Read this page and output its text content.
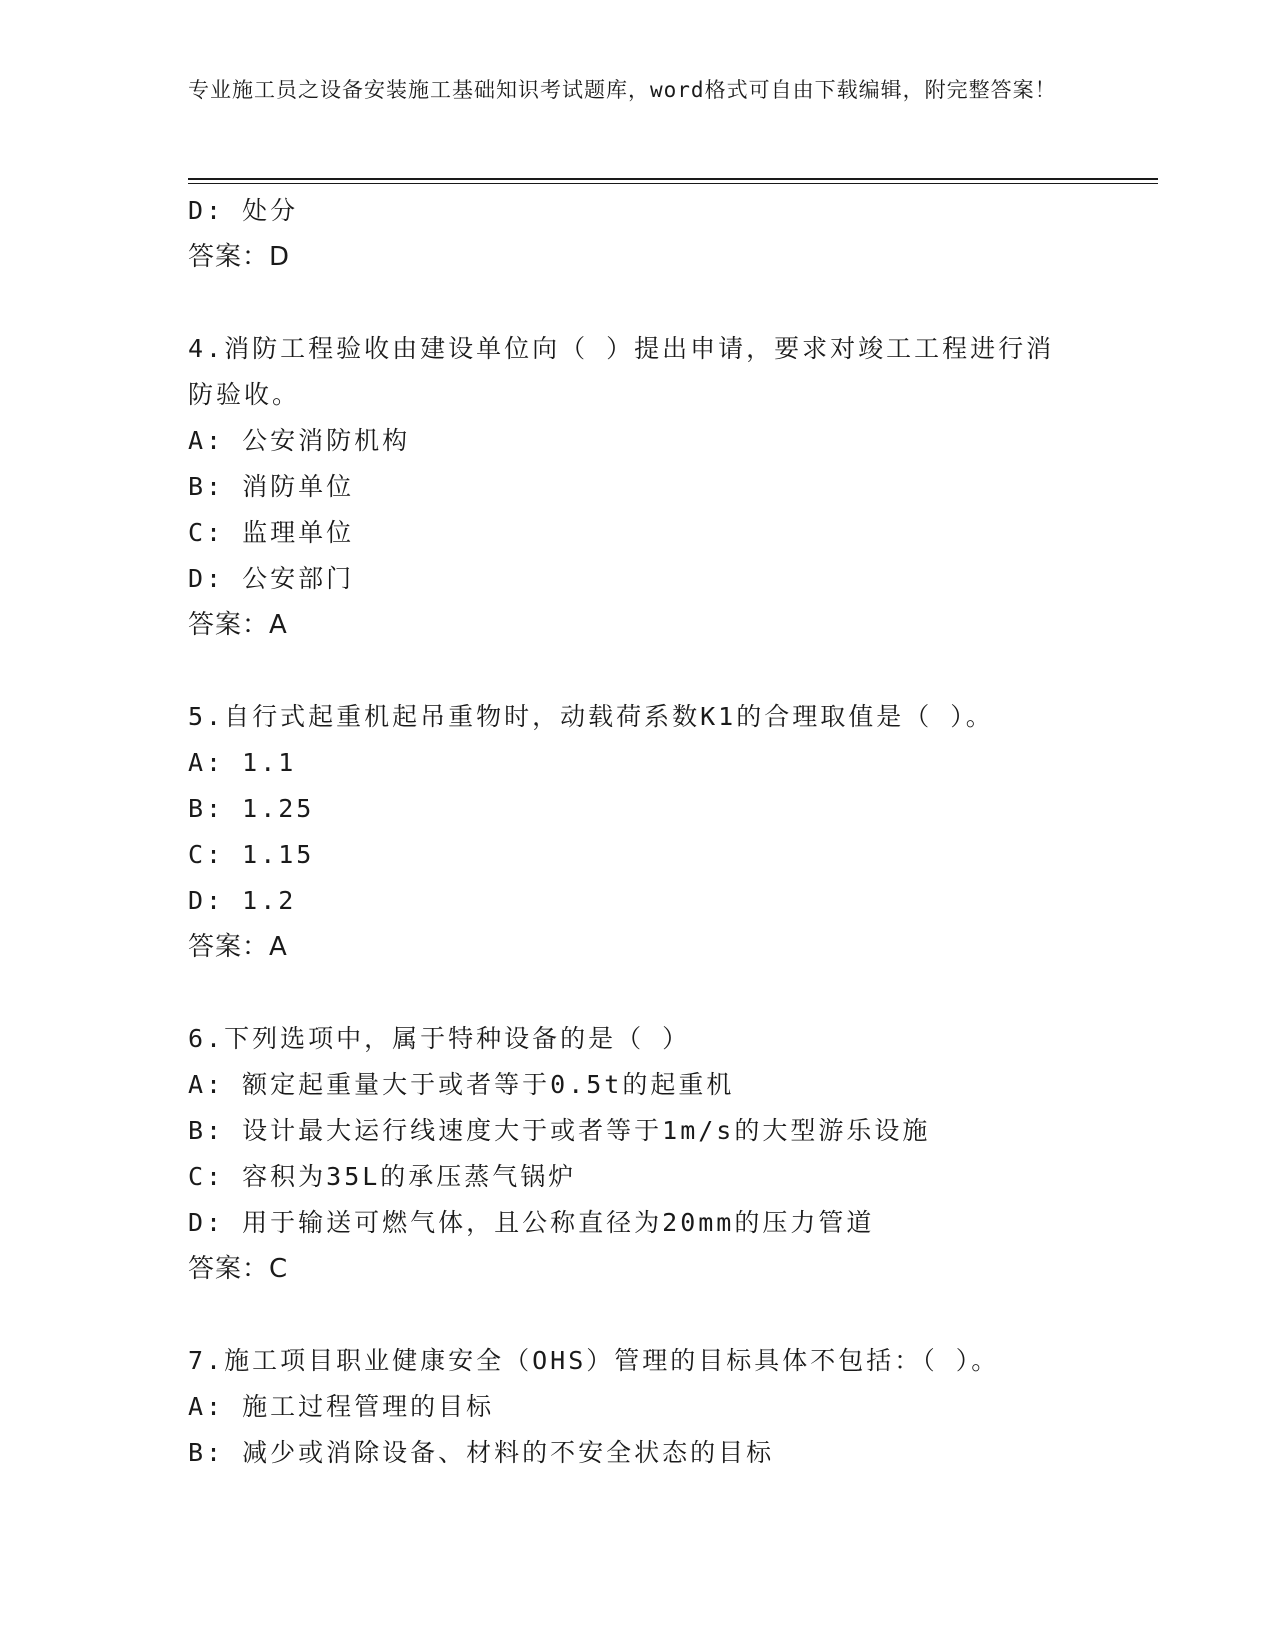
专业施工员之设备安装施工基础知识考试题库，word格式可自由下载编辑，附完整答案！
D: 处分
答案：D
4.消防工程验收由建设单位向（ ）提出申请，要求对竣工工程进行消防验收。
A: 公安消防机构
B: 消防单位
C: 监理单位
D: 公安部门
答案：A
5.自行式起重机起吊重物时，动载荷系数K1的合理取值是（ ）。
A: 1.1
B: 1.25
C: 1.15
D: 1.2
答案：A
6.下列选项中，属于特种设备的是（ ）
A: 额定起重量大于或者等于0.5t的起重机
B: 设计最大运行线速度大于或者等于1m/s的大型游乐设施
C: 容积为35L的承压蒸气锅炉
D: 用于输送可燃气体，且公称直径为20mm的压力管道
答案：C
7.施工项目职业健康安全（OHS）管理的目标具体不包括：（ ）。
A: 施工过程管理的目标
B: 减少或消除设备、材料的不安全状态的目标
